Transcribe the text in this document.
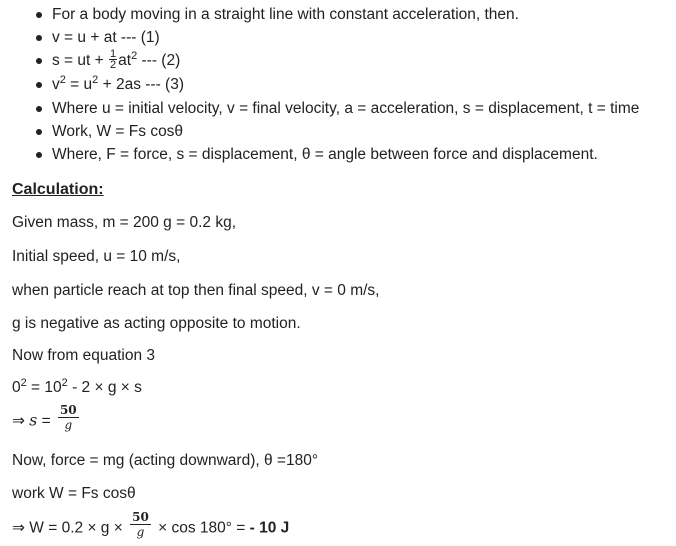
For a body moving in a straight line with constant acceleration, then.
v = u + at --- (1)
s = ut + $\frac{1}{2} at^2$ --- (2)
$v^2 = u^2 + 2as$ --- (3)
Where u = initial velocity, v = final velocity, a = acceleration, s = displacement, t = time
Work, W = Fs cosθ
Where, F = force, s = displacement, θ = angle between force and displacement.
Calculation:
Given mass, m = 200 g = 0.2 kg,
Initial speed, u = 10 m/s,
when particle reach at top then final speed, v = 0 m/s,
g is negative as acting opposite to motion.
Now from equation 3
$0^2 = 10^2 - 2 \times g \times s$
⇒ $s = \frac{50}{g}$
Now, force = mg (acting downward), θ =180°
work W = Fs cosθ
⇒ $W = 0.2 \times g \times \frac{50}{g} \times \cos 180^\circ$ = - 10 J
